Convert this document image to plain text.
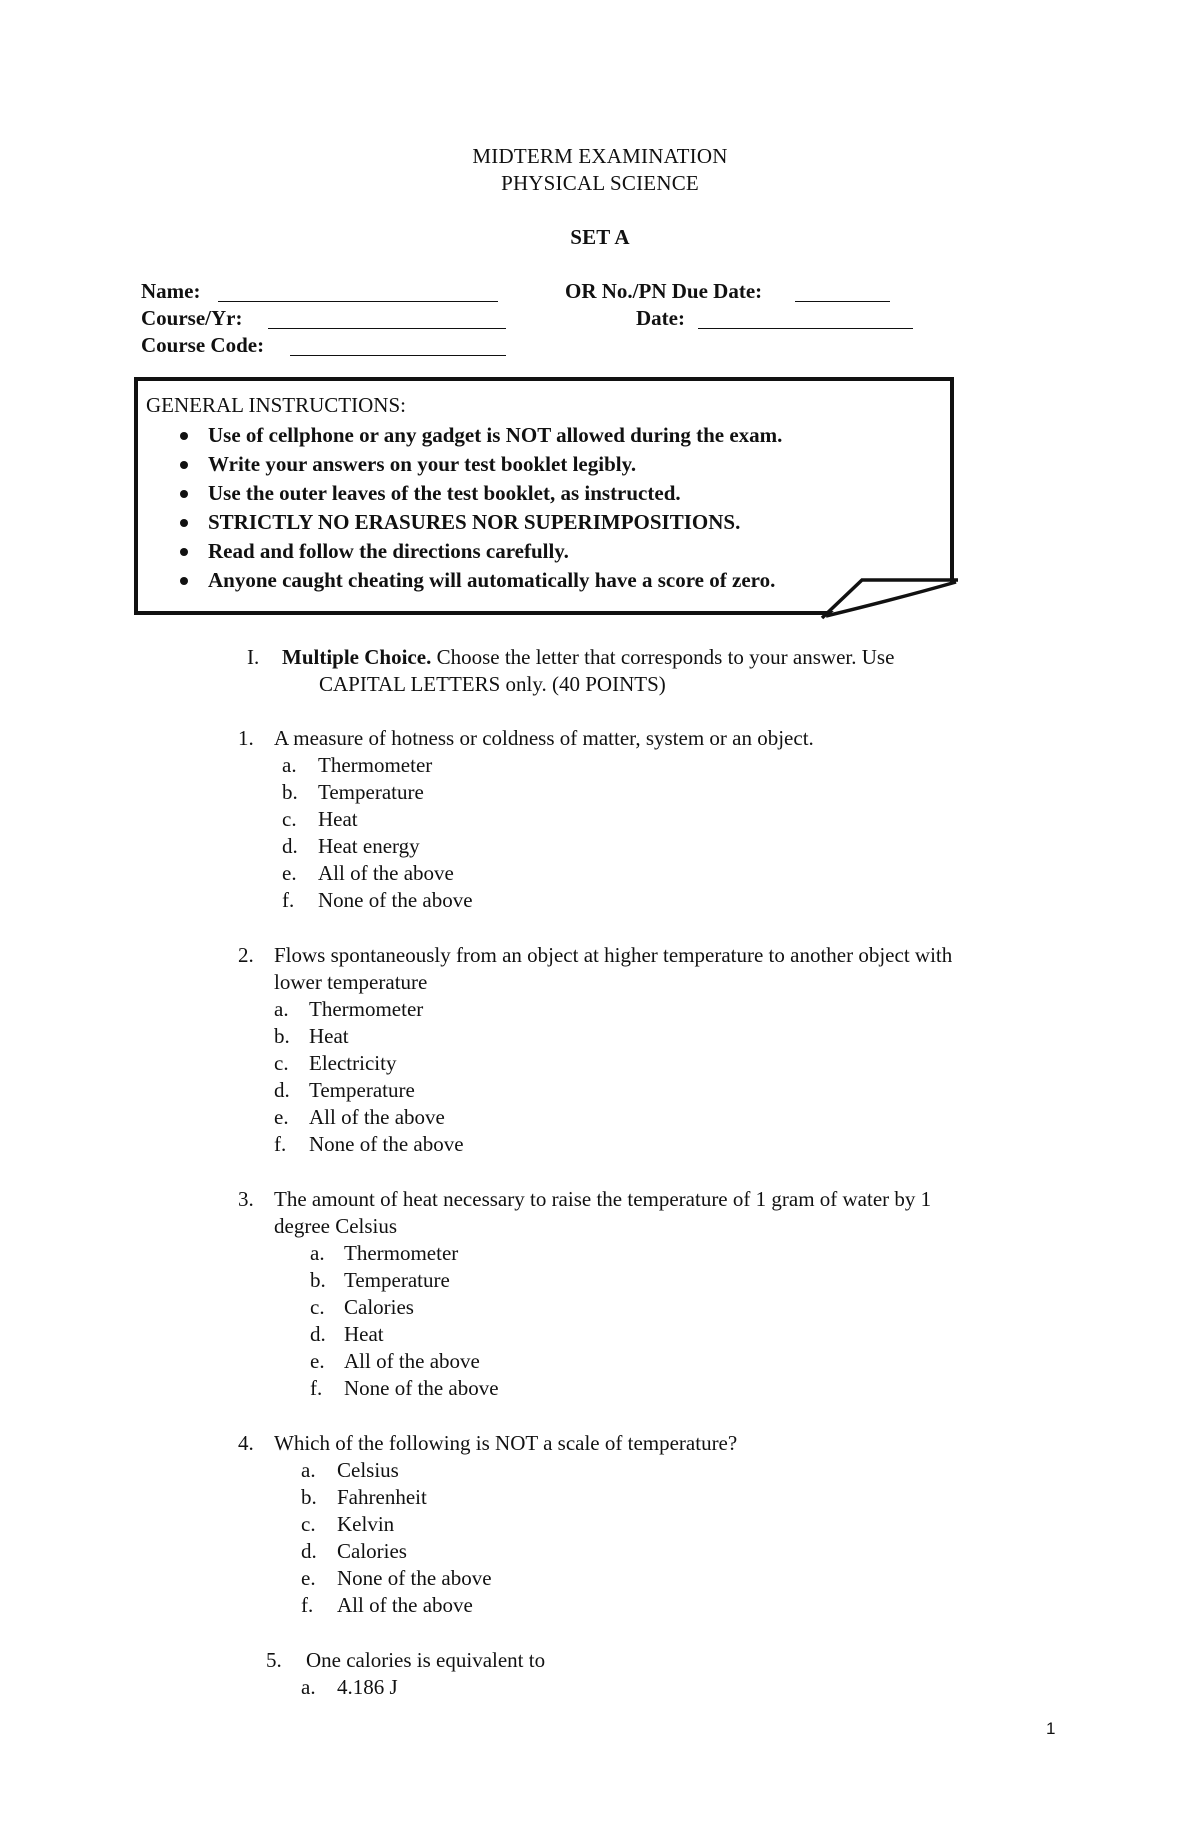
MIDTERM EXAMINATION
PHYSICAL SCIENCE
SET A
Name:
Course/Yr:
Course Code:
OR No./PN Due Date:
Date:
GENERAL INSTRUCTIONS:
Use of cellphone or any gadget is NOT allowed during the exam.
Write your answers on your test booklet legibly.
Use the outer leaves of the test booklet, as instructed.
STRICTLY NO ERASURES NOR SUPERIMPOSITIONS.
Read and follow the directions carefully.
Anyone caught cheating will automatically have a score of zero.
I. Multiple Choice. Choose the letter that corresponds to your answer. Use
CAPITAL LETTERS only. (40 POINTS)
1. A measure of hotness or coldness of matter, system or an object.
a. Thermometer
b. Temperature
c. Heat
d. Heat energy
e. All of the above
f. None of the above
2. Flows spontaneously from an object at higher temperature to another object with
lower temperature
a. Thermometer
b. Heat
c. Electricity
d. Temperature
e. All of the above
f. None of the above
3. The amount of heat necessary to raise the temperature of 1 gram of water by 1
degree Celsius
a. Thermometer
b. Temperature
c. Calories
d. Heat
e. All of the above
f. None of the above
4. Which of the following is NOT a scale of temperature?
a. Celsius
b. Fahrenheit
c. Kelvin
d. Calories
e. None of the above
f. All of the above
5. One calories is equivalent to
a. 4.186 J
1
